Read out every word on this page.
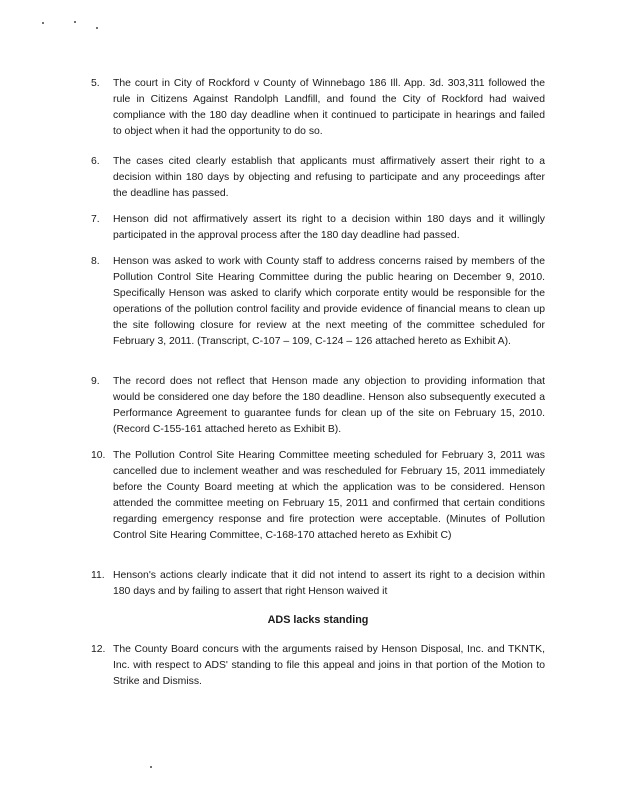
5.	The court in City of Rockford v County of Winnebago 186 Ill. App. 3d. 303,311 followed the rule in Citizens Against Randolph Landfill, and found the City of Rockford had waived compliance with the 180 day deadline when it continued to participate in hearings and failed to object when it had the opportunity to do so.
6.	The cases cited clearly establish that applicants must affirmatively assert their right to a decision within 180 days by objecting and refusing to participate and any proceedings after the deadline has passed.
7.	Henson did not affirmatively assert its right to a decision within 180 days and it willingly participated in the approval process after the 180 day deadline had passed.
8.	Henson was asked to work with County staff to address concerns raised by members of the Pollution Control Site Hearing Committee during the public hearing on December 9, 2010. Specifically Henson was asked to clarify which corporate entity would be responsible for the operations of the pollution control facility and provide evidence of financial means to clean up the site following closure for review at the next meeting of the committee scheduled for February 3, 2011. (Transcript, C-107 – 109, C-124 – 126 attached hereto as Exhibit A).
9.	The record does not reflect that Henson made any objection to providing information that would be considered one day before the 180 deadline. Henson also subsequently executed a Performance Agreement to guarantee funds for clean up of the site on February 15, 2010. (Record C-155-161 attached hereto as Exhibit B).
10. The Pollution Control Site Hearing Committee meeting scheduled for February 3, 2011 was cancelled due to inclement weather and was rescheduled for February 15, 2011 immediately before the County Board meeting at which the application was to be considered. Henson attended the committee meeting on February 15, 2011 and confirmed that certain conditions regarding emergency response and fire protection were acceptable. (Minutes of Pollution Control Site Hearing Committee, C-168-170 attached hereto as Exhibit C)
11. Henson's actions clearly indicate that it did not intend to assert its right to a decision within 180 days and by failing to assert that right Henson waived it
ADS lacks standing
12. The County Board concurs with the arguments raised by Henson Disposal, Inc. and TKNTK, Inc. with respect to ADS' standing to file this appeal and joins in that portion of the Motion to Strike and Dismiss.
